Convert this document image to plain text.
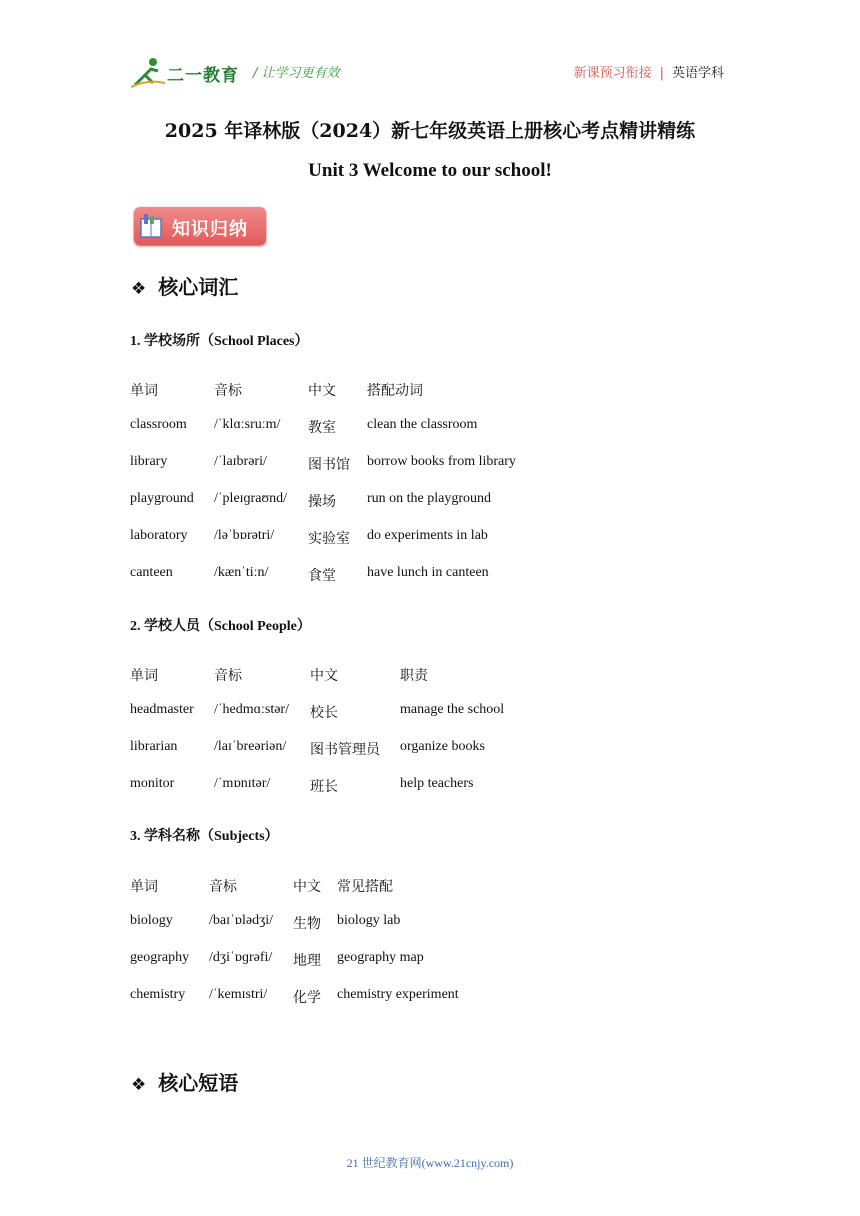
二一教育 / 让学习更有效	新课预习衔接 | 英语学科
2025 年译林版（2024）新七年级英语上册核心考点精讲精练
Unit 3 Welcome to our school!
知识归纳
❖ 核心词汇
1. 学校场所（School Places）
单词	音标	中文	搭配动词
classroom	/ˈklɑːsruːm/	教室	clean the classroom
library	/ˈlaɪbrəri/	图书馆	borrow books from library
playground	/ˈpleɪɡraʊnd/	操场	run on the playground
laboratory	/ləˈbɒrətri/	实验室	do experiments in lab
canteen	/kænˈtiːn/	食堂	have lunch in canteen
2. 学校人员（School People）
单词	音标	中文	职责
headmaster	/ˈhedmɑːstər/	校长	manage the school
librarian	/laɪˈbreəriən/	图书管理员	organize books
monitor	/ˈmɒnɪtər/	班长	help teachers
3. 学科名称（Subjects）
单词	音标	中文	常见搭配
biology	/baɪˈɒlədʒi/	生物	biology lab
geography	/dʒiˈɒɡrəfi/	地理	geography map
chemistry	/ˈkemɪstri/	化学	chemistry experiment
❖ 核心短语
21 世纪教育网(www.21cnjy.com)
